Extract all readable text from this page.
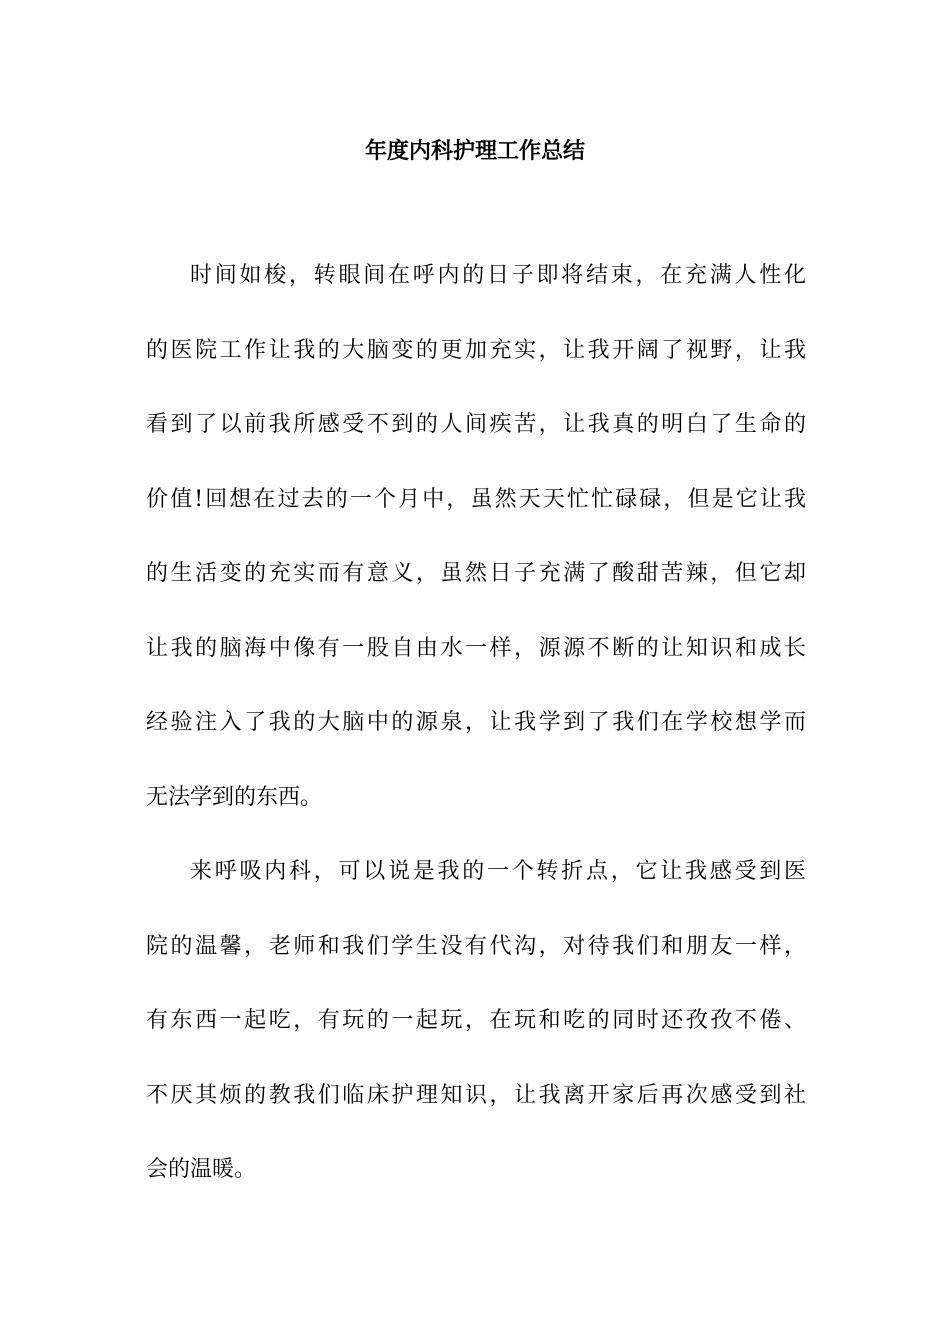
年度内科护理工作总结

时间如梭，转眼间在呼内的日子即将结束，在充满人性化

的医院工作让我的大脑变的更加充实，让我开阔了视野，让我

看到了以前我所感受不到的人间疾苦，让我真的明白了生命的

价值!回想在过去的一个月中，虽然天天忙忙碌碌，但是它让我

的生活变的充实而有意义，虽然日子充满了酸甜苦辣，但它却

让我的脑海中像有一股自由水一样，源源不断的让知识和成长

经验注入了我的大脑中的源泉，让我学到了我们在学校想学而

无法学到的东西。

来呼吸内科，可以说是我的一个转折点，它让我感受到医

院的温馨，老师和我们学生没有代沟，对待我们和朋友一样，

有东西一起吃，有玩的一起玩，在玩和吃的同时还孜孜不倦、

不厌其烦的教我们临床护理知识，让我离开家后再次感受到社

会的温暖。
